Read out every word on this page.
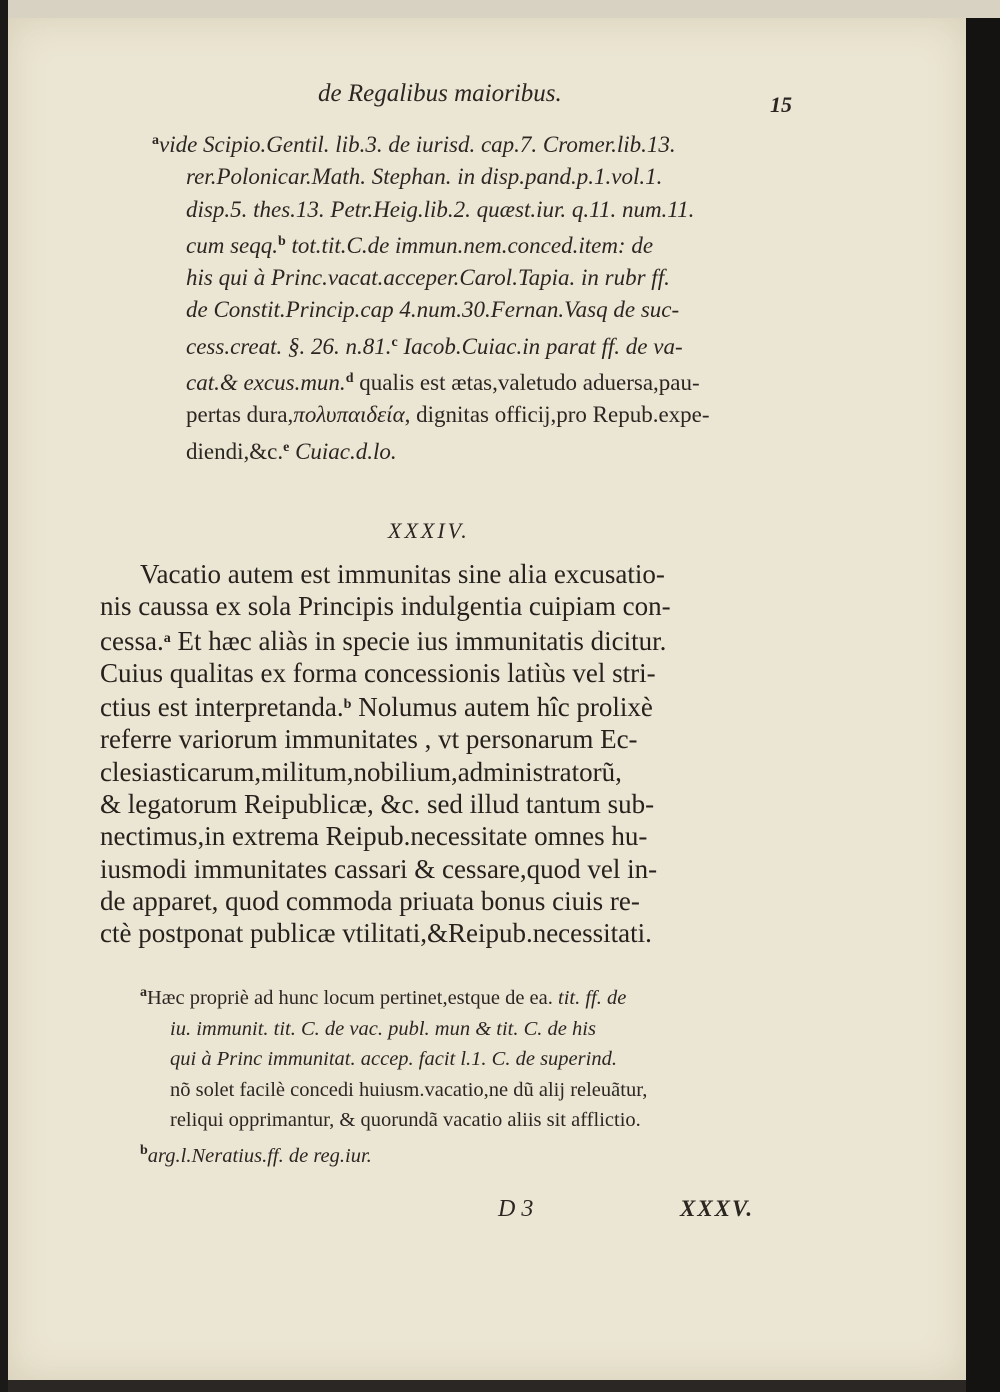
de Regalibus maioribus.	15
$^a$vide Scipio.Gentil. lib.3. de iurisd. cap.7. Cromer.lib.13.
rer.Polonicar.Math. Stephan. in disp.pand.p.1.vol.1.
disp.5. thes.13. Petr.Heig.lib.2. quæst.iur. q.11. num.11.
cum seqq.$^b$ tot.tit.C.de immun.nem.conced.item: de
his qui à Princ.vacat.acceper.Carol.Tapia. in rubr ff.
de Constit.Princip.cap 4.num.30.Fernan.Vasq de suc-
cess.creat. §. 26. n.81.$^c$ Iacob.Cuiac.in parat ff. de va-
cat.& excus.mun.$^d$ qualis est ætas,valetudo aduersa,pau-
pertas dura,πολυπαιδεία, dignitas officij,pro Repub.expe-
diendi,&c.$^e$ Cuiac.d.lo.
XXXIV.
Vacatio autem est immunitas sine alia excusatio-
nis caussa ex sola Principis indulgentia cuipiam con-
cessa.$^a$ Et hæc aliàs in specie ius immunitatis dicitur.
Cuius qualitas ex forma concessionis latiùs vel stri-
ctius est interpretanda.$^b$ Nolumus autem hîc prolixè
referre variorum immunitates , vt personarum Ec-
clesiasticarum,militum,nobilium,administratorũ,
& legatorum Reipublicæ, &c. sed illud tantum sub-
nectimus,in extrema Reipub.necessitate omnes hu-
iusmodi immunitates cassari & cessare,quod vel in-
de apparet, quod commoda priuata bonus ciuis re-
ctè postponat publicæ vtilitati,&Reipub.necessitati.
$^a$Hæc propriè ad hunc locum pertinet,estque de ea. tit. ff. de
iu. immunit. tit. C. de vac. publ. mun & tit. C. de his
qui à Princ immunitat. accep. facit l.1. C. de superind.
nõ solet facilè concedi huiusm.vacatio,ne dũ alij releuãtur,
reliqui opprimantur, & quorundã vacatio aliis sit afflictio.
$^b$arg.l.Neratius.ff. de reg.iur.
D 3	XXXV.
